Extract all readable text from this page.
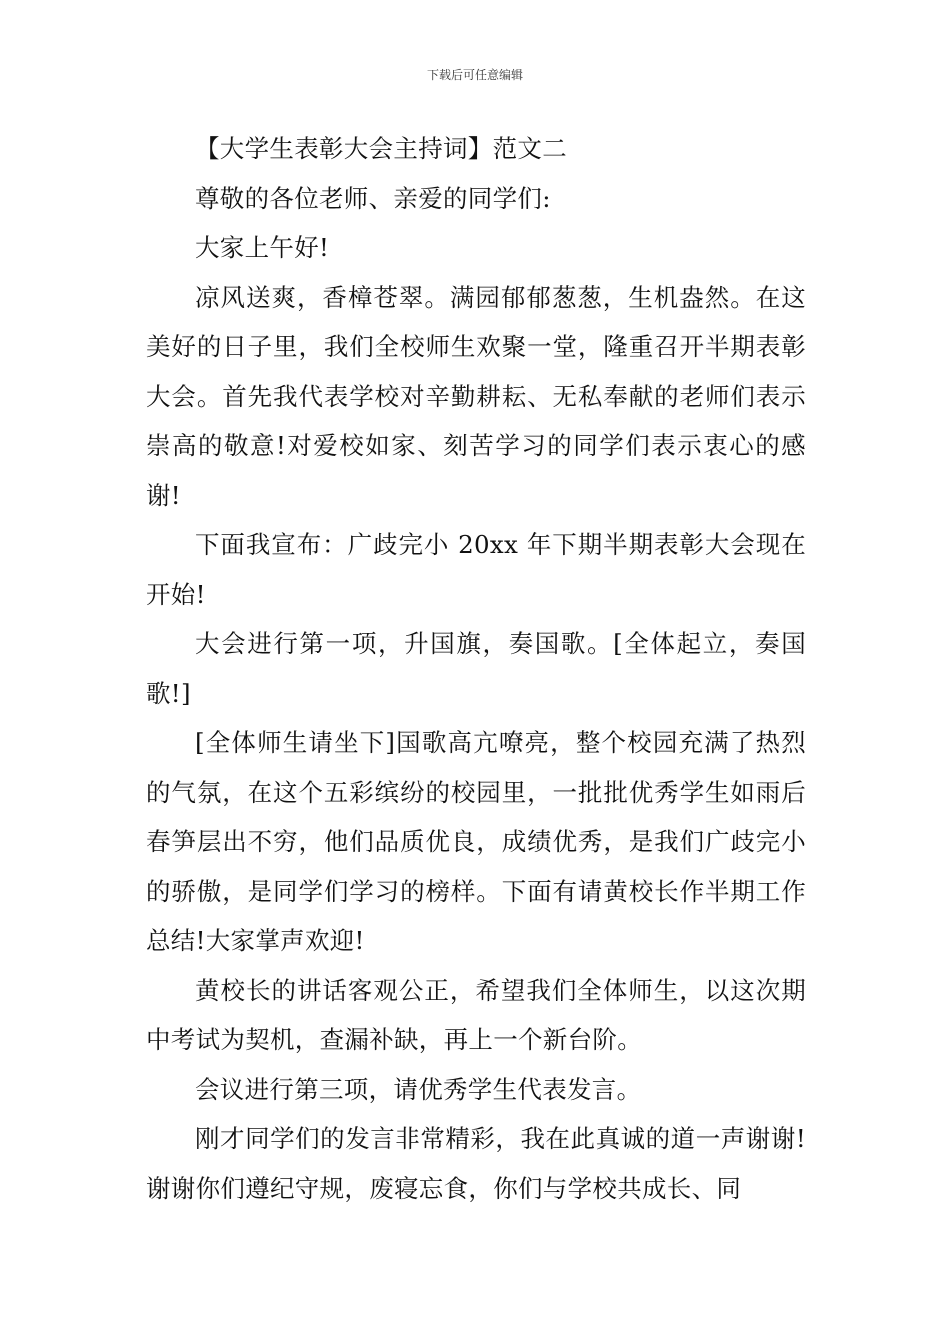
下载后可任意编辑

【大学生表彰大会主持词】范文二

尊敬的各位老师、亲爱的同学们:

大家上午好!

凉风送爽，香樟苍翠。满园郁郁葱葱，生机盎然。在这美好的日子里，我们全校师生欢聚一堂，隆重召开半期表彰大会。首先我代表学校对辛勤耕耘、无私奉献的老师们表示崇高的敬意!对爱校如家、刻苦学习的同学们表示衷心的感谢!

下面我宣布：广歧完小 20xx 年下期半期表彰大会现在开始!

大会进行第一项，升国旗，奏国歌。[全体起立，奏国歌!]

[全体师生请坐下]国歌高亢嘹亮，整个校园充满了热烈的气氛，在这个五彩缤纷的校园里，一批批优秀学生如雨后春笋层出不穷，他们品质优良，成绩优秀，是我们广歧完小的骄傲，是同学们学习的榜样。下面有请黄校长作半期工作总结!大家掌声欢迎!

黄校长的讲话客观公正，希望我们全体师生，以这次期中考试为契机，查漏补缺，再上一个新台阶。

会议进行第三项，请优秀学生代表发言。

刚才同学们的发言非常精彩，我在此真诚的道一声谢谢!谢谢你们遵纪守规，废寝忘食，你们与学校共成长、同
